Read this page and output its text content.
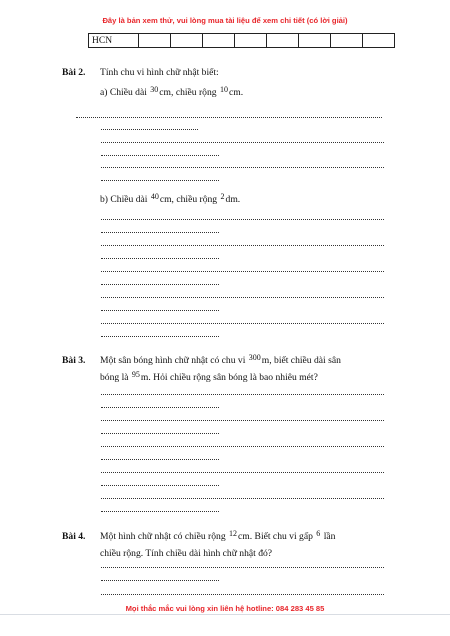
Đây là bản xem thử, vui lòng mua tài liệu để xem chi tiết (có lời giải)
HCN								
Bài 2. Tính chu vi hình chữ nhật biết:
a) Chiều dài $^{30}$cm, chiều rộng $^{10}$cm.
b) Chiều dài $^{40}$cm, chiều rộng $^2$dm.
Bài 3. Một sân bóng hình chữ nhật có chu vi $^{300}$m, biết chiều dài sân
bóng là $^{95}$m. Hỏi chiều rộng sân bóng là bao nhiêu mét?
Bài 4. Một hình chữ nhật có chiều rộng $^{12}$cm. Biết chu vi gấp $^6$ lần
chiều rộng. Tính chiều dài hình chữ nhật đó?
Mọi thắc mắc vui lòng xin liên hệ hotline: 084 283 45 85
